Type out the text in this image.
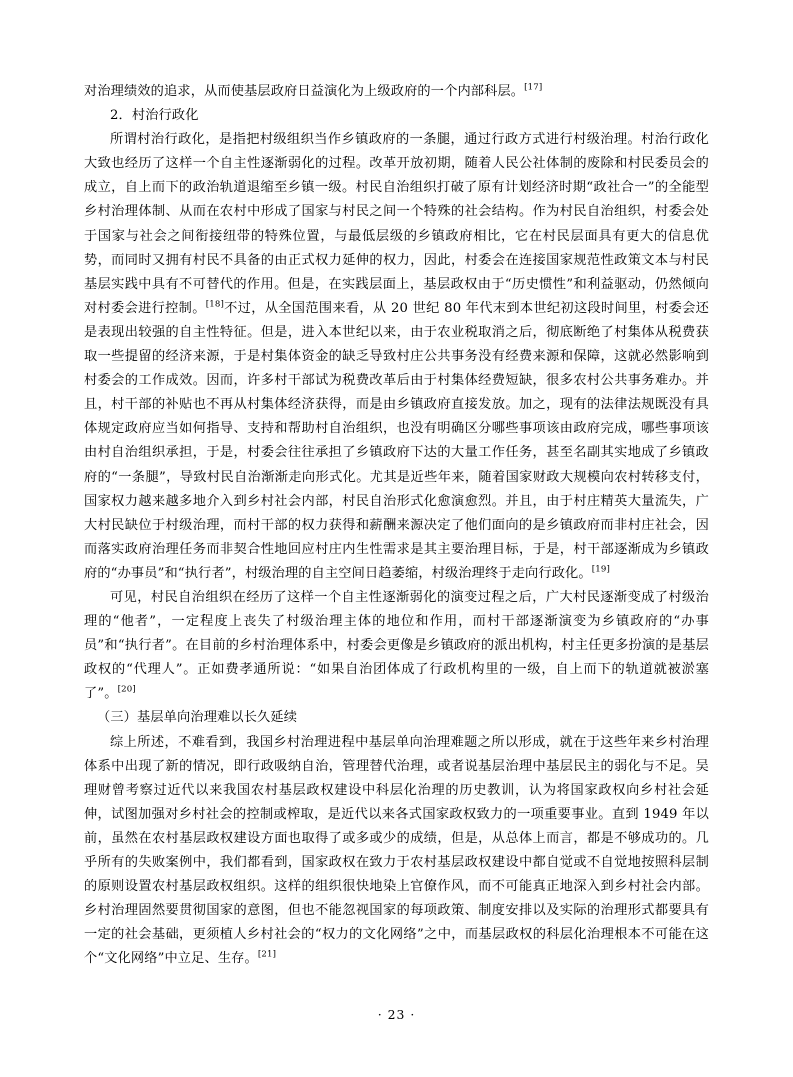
对治理绩效的追求，从而使基层政府日益演化为上级政府的一个内部科层。[17]

2．村治行政化

所谓村治行政化，是指把村级组织当作乡镇政府的一条腿，通过行政方式进行村级治理。村治行政化大致也经历了这样一个自主性逐渐弱化的过程。改革开放初期，随着人民公社体制的废除和村民委员会的成立，自上而下的政治轨道退缩至乡镇一级。村民自治组织打破了原有计划经济时期“政社合一”的全能型乡村治理体制、从而在农村中形成了国家与村民之间一个特殊的社会结构。作为村民自治组织，村委会处于国家与社会之间衔接纽带的特殊位置，与最低层级的乡镇政府相比，它在村民层面具有更大的信息优势，而同时又拥有村民不具备的由正式权力延伸的权力，因此，村委会在连接国家规范性政策文本与村民基层实践中具有不可替代的作用。但是，在实践层面上，基层政权由于“历史惯性”和利益驱动，仍然倾向对村委会进行控制。[18]不过，从全国范围来看，从 20 世纪 80 年代末到本世纪初这段时间里，村委会还是表现出较强的自主性特征。但是，进入本世纪以来，由于农业税取消之后，彻底断绝了村集体从税费获取一些提留的经济来源，于是村集体资金的缺乏导致村庄公共事务没有经费来源和保障，这就必然影响到村委会的工作成效。因而，许多村干部试为税费改革后由于村集体经费短缺，很多农村公共事务难办。并且，村干部的补贴也不再从村集体经济获得，而是由乡镇政府直接发放。加之，现有的法律法规既没有具体规定政府应当如何指导、支持和帮助村自治组织，也没有明确区分哪些事项该由政府完成，哪些事项该由村自治组织承担，于是，村委会往往承担了乡镇政府下达的大量工作任务，甚至名副其实地成了乡镇政府的“一条腿”，导致村民自治渐渐走向形式化。尤其是近些年来，随着国家财政大规模向农村转移支付，国家权力越来越多地介入到乡村社会内部，村民自治形式化愈演愈烈。并且，由于村庄精英大量流失，广大村民缺位于村级治理，而村干部的权力获得和薪酬来源决定了他们面向的是乡镇政府而非村庄社会，因而落实政府治理任务而非契合性地回应村庄内生性需求是其主要治理目标，于是，村干部逐渐成为乡镇政府的“办事员”和“执行者”，村级治理的自主空间日趋萎缩，村级治理终于走向行政化。[19]

可见，村民自治组织在经历了这样一个自主性逐渐弱化的演变过程之后，广大村民逐渐变成了村级治理的“他者”，一定程度上丧失了村级治理主体的地位和作用，而村干部逐渐演变为乡镇政府的“办事员”和“执行者”。在目前的乡村治理体系中，村委会更像是乡镇政府的派出机构，村主任更多扮演的是基层政权的“代理人”。正如费孝通所说：“如果自治团体成了行政机构里的一级，自上而下的轨道就被淤塞了”。[20]

（三）基层单向治理难以长久延续

综上所述，不难看到，我国乡村治理进程中基层单向治理难题之所以形成，就在于这些年来乡村治理体系中出现了新的情况，即行政吸纳自治，管理替代治理，或者说基层治理中基层民主的弱化与不足。吴理财曾考察过近代以来我国农村基层政权建设中科层化治理的历史教训，认为将国家政权向乡村社会延伸，试图加强对乡村社会的控制或榨取，是近代以来各式国家政权致力的一项重要事业。直到 1949 年以前，虽然在农村基层政权建设方面也取得了或多或少的成绩，但是，从总体上而言，都是不够成功的。几乎所有的失败案例中，我们都看到，国家政权在致力于农村基层政权建设中都自觉或不自觉地按照科层制的原则设置农村基层政权组织。这样的组织很快地染上官僚作风，而不可能真正地深入到乡村社会内部。乡村治理固然要贯彻国家的意图，但也不能忽视国家的每项政策、制度安排以及实际的治理形式都要具有一定的社会基础，更须植人乡村社会的“权力的文化网络”之中，而基层政权的科层化治理根本不可能在这个“文化网络”中立足、生存。[21]

· 23 ·
